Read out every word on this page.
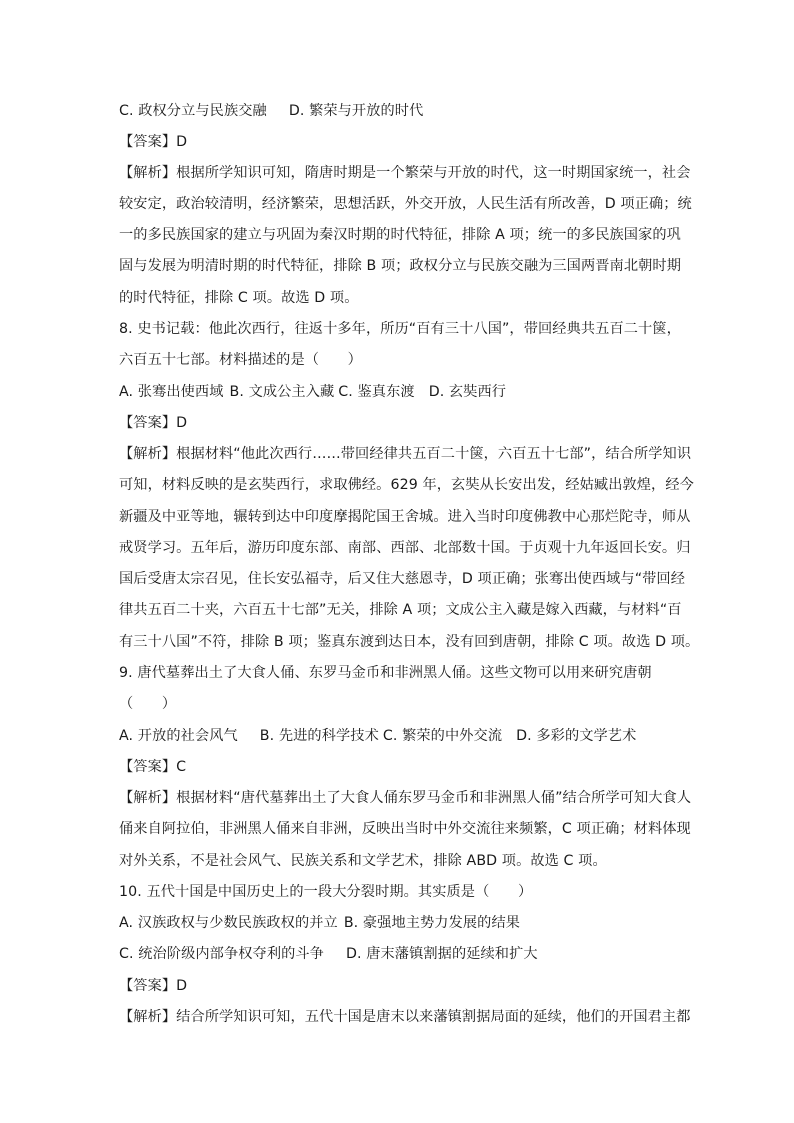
C. 政权分立与民族交融 D. 繁荣与开放的时代
【答案】D
【解析】根据所学知识可知，隋唐时期是一个繁荣与开放的时代，这一时期国家统一，社会
较安定，政治较清明，经济繁荣，思想活跃，外交开放，人民生活有所改善，D 项正确；统
一的多民族国家的建立与巩固为秦汉时期的时代特征，排除 A 项；统一的多民族国家的巩
固与发展为明清时期的时代特征，排除 B 项；政权分立与民族交融为三国两晋南北朝时期
的时代特征，排除 C 项。故选 D 项。
8. 史书记载：他此次西行，往返十多年，所历“百有三十八国”，带回经典共五百二十箧，
六百五十七部。材料描述的是（　　）
A. 张骞出使西域 B. 文成公主入藏 C. 鉴真东渡 D. 玄奘西行
【答案】D
【解析】根据材料“他此次西行……带回经律共五百二十箧，六百五十七部”，结合所学知识
可知，材料反映的是玄奘西行，求取佛经。629 年，玄奘从长安出发，经姑臧出敦煌，经今
新疆及中亚等地，辗转到达中印度摩揭陀国王舍城。进入当时印度佛教中心那烂陀寺，师从
戒贤学习。五年后，游历印度东部、南部、西部、北部数十国。于贞观十九年返回长安。归
国后受唐太宗召见，住长安弘福寺，后又住大慈恩寺，D 项正确；张骞出使西域与“带回经
律共五百二十夹，六百五十七部”无关，排除 A 项；文成公主入藏是嫁入西藏，与材料“百
有三十八国”不符，排除 B 项；鉴真东渡到达日本，没有回到唐朝，排除 C 项。故选 D 项。
9. 唐代墓葬出土了大食人俑、东罗马金币和非洲黑人俑。这些文物可以用来研究唐朝
（　　）
A. 开放的社会风气 B. 先进的科学技术 C. 繁荣的中外交流 D. 多彩的文学艺术
【答案】C
【解析】根据材料“唐代墓葬出土了大食人俑东罗马金币和非洲黑人俑”结合所学可知大食人
俑来自阿拉伯，非洲黑人俑来自非洲，反映出当时中外交流往来频繁，C 项正确；材料体现
对外关系，不是社会风气、民族关系和文学艺术，排除 ABD 项。故选 C 项。
10. 五代十国是中国历史上的一段大分裂时期。其实质是（　　）
A. 汉族政权与少数民族政权的并立 B. 豪强地主势力发展的结果
C. 统治阶级内部争权夺利的斗争 D. 唐末藩镇割据的延续和扩大
【答案】D
【解析】结合所学知识可知，五代十国是唐末以来藩镇割据局面的延续，他们的开国君主都
